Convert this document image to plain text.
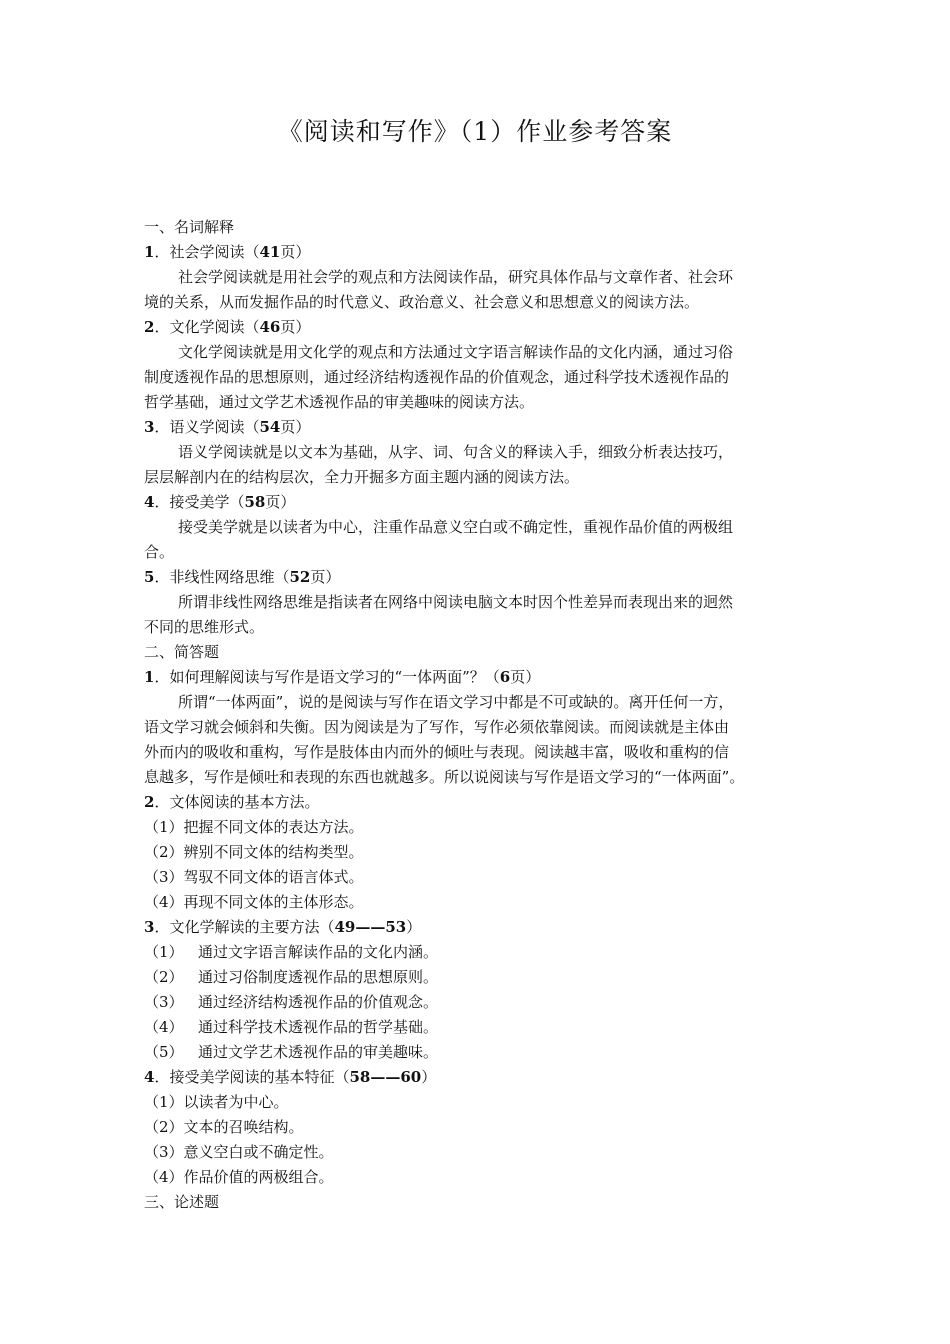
《阅读和写作》（1）作业参考答案
一、名词解释
1．社会学阅读（41页）
社会学阅读就是用社会学的观点和方法阅读作品，研究具体作品与文章作者、社会环
境的关系，从而发掘作品的时代意义、政治意义、社会意义和思想意义的阅读方法。
2．文化学阅读（46页）
文化学阅读就是用文化学的观点和方法通过文字语言解读作品的文化内涵，通过习俗
制度透视作品的思想原则，通过经济结构透视作品的价值观念，通过科学技术透视作品的
哲学基础，通过文学艺术透视作品的审美趣味的阅读方法。
3．语义学阅读（54页）
语义学阅读就是以文本为基础，从字、词、句含义的释读入手，细致分析表达技巧，
层层解剖内在的结构层次，全力开掘多方面主题内涵的阅读方法。
4．接受美学（58页）
接受美学就是以读者为中心，注重作品意义空白或不确定性，重视作品价值的两极组
合。
5．非线性网络思维（52页）
所谓非线性网络思维是指读者在网络中阅读电脑文本时因个性差异而表现出来的迥然
不同的思维形式。
二、简答题
1．如何理解阅读与写作是语文学习的“一体两面”？（6页）
所谓“一体两面”，说的是阅读与写作在语文学习中都是不可或缺的。离开任何一方，
语文学习就会倾斜和失衡。因为阅读是为了写作，写作必须依靠阅读。而阅读就是主体由
外而内的吸收和重构，写作是肢体由内而外的倾吐与表现。阅读越丰富，吸收和重构的信
息越多，写作是倾吐和表现的东西也就越多。所以说阅读与写作是语文学习的“一体两面”。
2．文体阅读的基本方法。
（1）把握不同文体的表达方法。
（2）辨别不同文体的结构类型。
（3）驾驭不同文体的语言体式。
（4）再现不同文体的主体形态。
3．文化学解读的主要方法（49——53）
（1） 通过文字语言解读作品的文化内涵。
（2） 通过习俗制度透视作品的思想原则。
（3） 通过经济结构透视作品的价值观念。
（4） 通过科学技术透视作品的哲学基础。
（5） 通过文学艺术透视作品的审美趣味。
4．接受美学阅读的基本特征（58——60）
（1）以读者为中心。
（2）文本的召唤结构。
（3）意义空白或不确定性。
（4）作品价值的两极组合。
三、论述题
